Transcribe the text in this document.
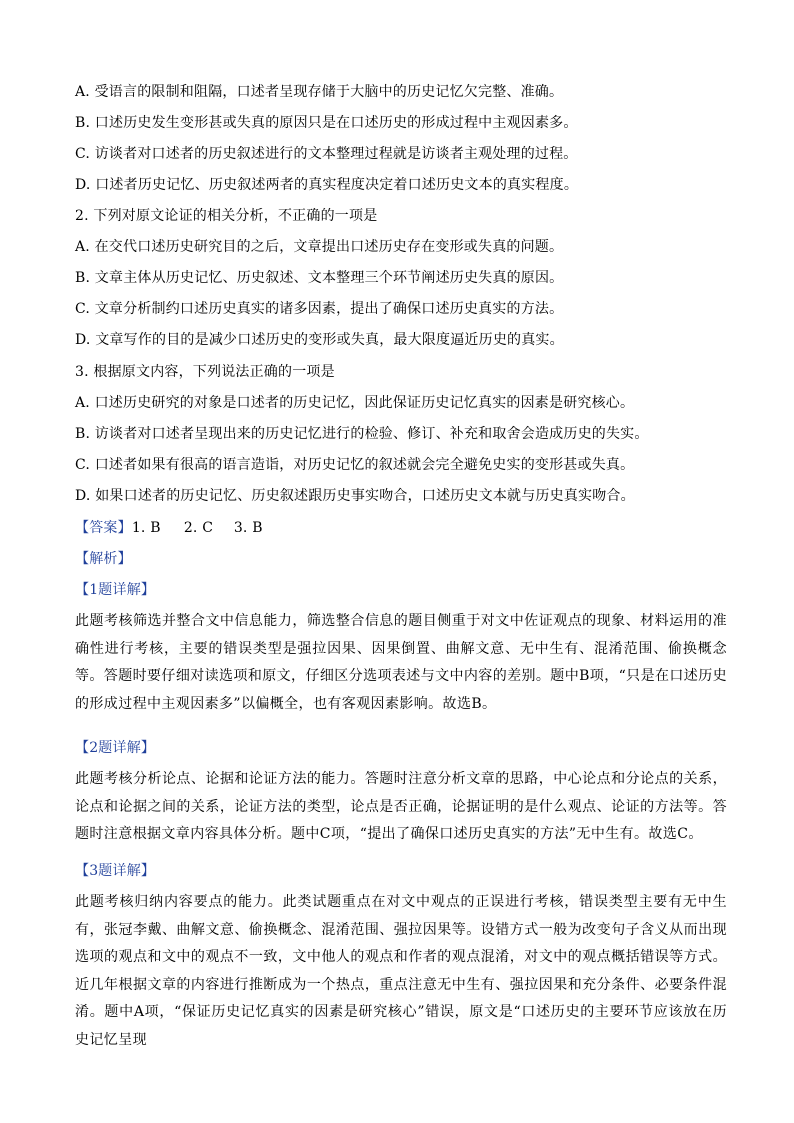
A. 受语言的限制和阻隔，口述者呈现存储于大脑中的历史记忆欠完整、准确。
B. 口述历史发生变形甚或失真的原因只是在口述历史的形成过程中主观因素多。
C. 访谈者对口述者的历史叙述进行的文本整理过程就是访谈者主观处理的过程。
D. 口述者历史记忆、历史叙述两者的真实程度决定着口述历史文本的真实程度。
2. 下列对原文论证的相关分析，不正确的一项是
A. 在交代口述历史研究目的之后，文章提出口述历史存在变形或失真的问题。
B. 文章主体从历史记忆、历史叙述、文本整理三个环节阐述历史失真的原因。
C. 文章分析制约口述历史真实的诸多因素，提出了确保口述历史真实的方法。
D. 文章写作的目的是减少口述历史的变形或失真，最大限度逼近历史的真实。
3. 根据原文内容，下列说法正确的一项是
A. 口述历史研究的对象是口述者的历史记忆，因此保证历史记忆真实的因素是研究核心。
B. 访谈者对口述者呈现出来的历史记忆进行的检验、修订、补充和取舍会造成历史的失实。
C. 口述者如果有很高的语言造诣，对历史记忆的叙述就会完全避免史实的变形甚或失真。
D. 如果口述者的历史记忆、历史叙述跟历史事实吻合，口述历史文本就与历史真实吻合。
【答案】1. B 2. C 3. B
【解析】
【1题详解】
此题考核筛选并整合文中信息能力，筛选整合信息的题目侧重于对文中佐证观点的现象、材料运用的准确性进行考核，主要的错误类型是强拉因果、因果倒置、曲解文意、无中生有、混淆范围、偷换概念等。答题时要仔细对读选项和原文，仔细区分选项表述与文中内容的差别。题中B项，“只是在口述历史的形成过程中主观因素多”以偏概全，也有客观因素影响。故选B。
【2题详解】
此题考核分析论点、论据和论证方法的能力。答题时注意分析文章的思路，中心论点和分论点的关系，论点和论据之间的关系，论证方法的类型，论点是否正确，论据证明的是什么观点、论证的方法等。答题时注意根据文章内容具体分析。题中C项，“提出了确保口述历史真实的方法”无中生有。故选C。
【3题详解】
此题考核归纳内容要点的能力。此类试题重点在对文中观点的正误进行考核，错误类型主要有无中生有，张冠李戴、曲解文意、偷换概念、混淆范围、强拉因果等。设错方式一般为改变句子含义从而出现选项的观点和文中的观点不一致，文中他人的观点和作者的观点混淆，对文中的观点概括错误等方式。近几年根据文章的内容进行推断成为一个热点，重点注意无中生有、强拉因果和充分条件、必要条件混淆。题中A项，“保证历史记忆真实的因素是研究核心”错误，原文是“口述历史的主要环节应该放在历史记忆呈现
